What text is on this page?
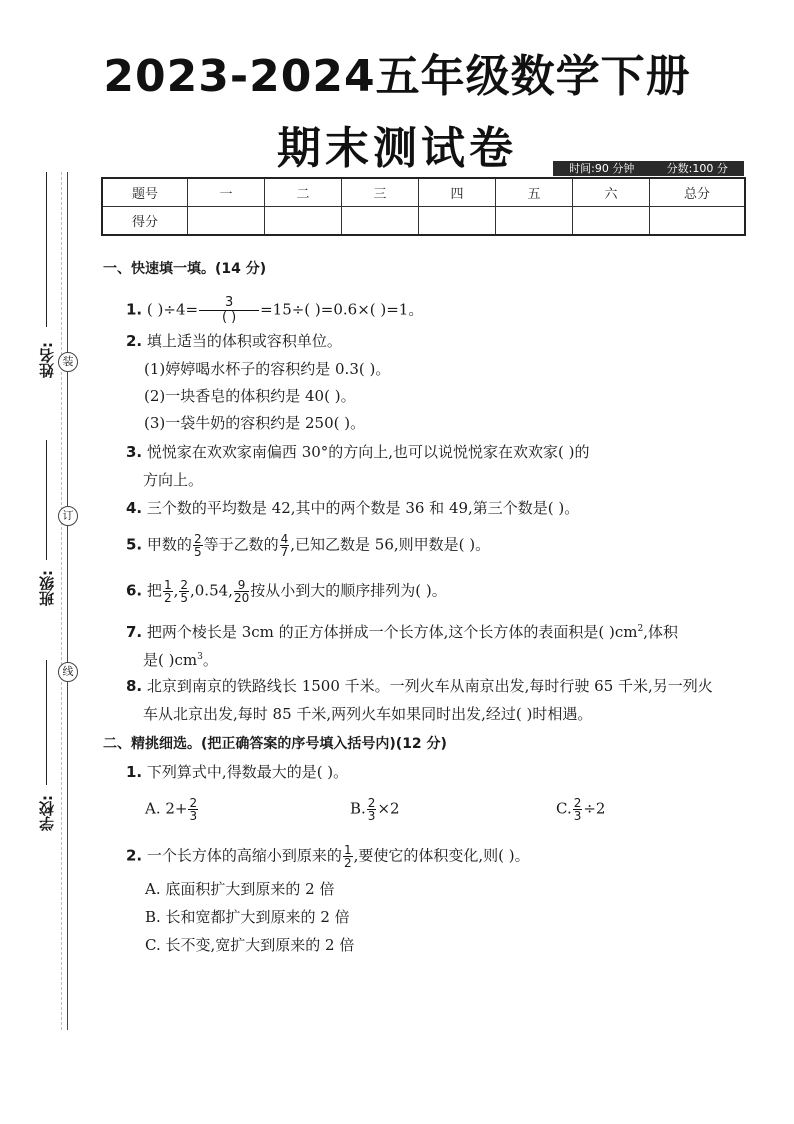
2023-2024五年级数学下册
期末测试卷	时间:90 分钟	分数:100 分
题号	一	二	三	四	五	六	总分
得分							
装
订
线
姓名:
班级:
学校:
一、快速填一填。(14 分)
1. ( )$\div 4= \frac{3}{( )} =15\div$( )=0.6×( )=1。
2. 填上适当的体积或容积单位。
(1)婷婷喝水杯子的容积约是 0.3( )。
(2)一块香皂的体积约是 40( )。
(3)一袋牛奶的容积约是 250( )。
3. 悦悦家在欢欢家南偏西 30°的方向上,也可以说悦悦家在欢欢家( )的
方向上。
4. 三个数的平均数是 42,其中的两个数是 36 和 49,第三个数是( )。
5. 甲数的 $\frac{2}{5}$ 等于乙数的 $\frac{4}{7}$ ,已知乙数是 56,则甲数是( )。
6. 把 $\frac{1}{2}$ , $\frac{2}{5} ,0.54$, $\frac{9}{20}$ 按从小到大的顺序排列为( )。
7. 把两个棱长是 3cm 的正方体拼成一个长方体,这个长方体的表面积是( )$cm^2$,体积
是( )$cm^3$。
8. 北京到南京的铁路线长 1500 千米。一列火车从南京出发,每时行驶 65 千米,另一列火
车从北京出发,每时 85 千米,两列火车如果同时出发,经过( )时相遇。
二、精挑细选。(把正确答案的序号填入括号内)(12 分)
1. 下列算式中,得数最大的是( )。
A. $2+ \frac{2}{3}$	B. $\frac{2}{3} \times 2$	C. $\frac{2}{3} \div 2$
2. 一个长方体的高缩小到原来的 $\frac{1}{2}$ ,要使它的体积变化,则( )。
A. 底面积扩大到原来的 2 倍
B. 长和宽都扩大到原来的 2 倍
C. 长不变,宽扩大到原来的 2 倍
